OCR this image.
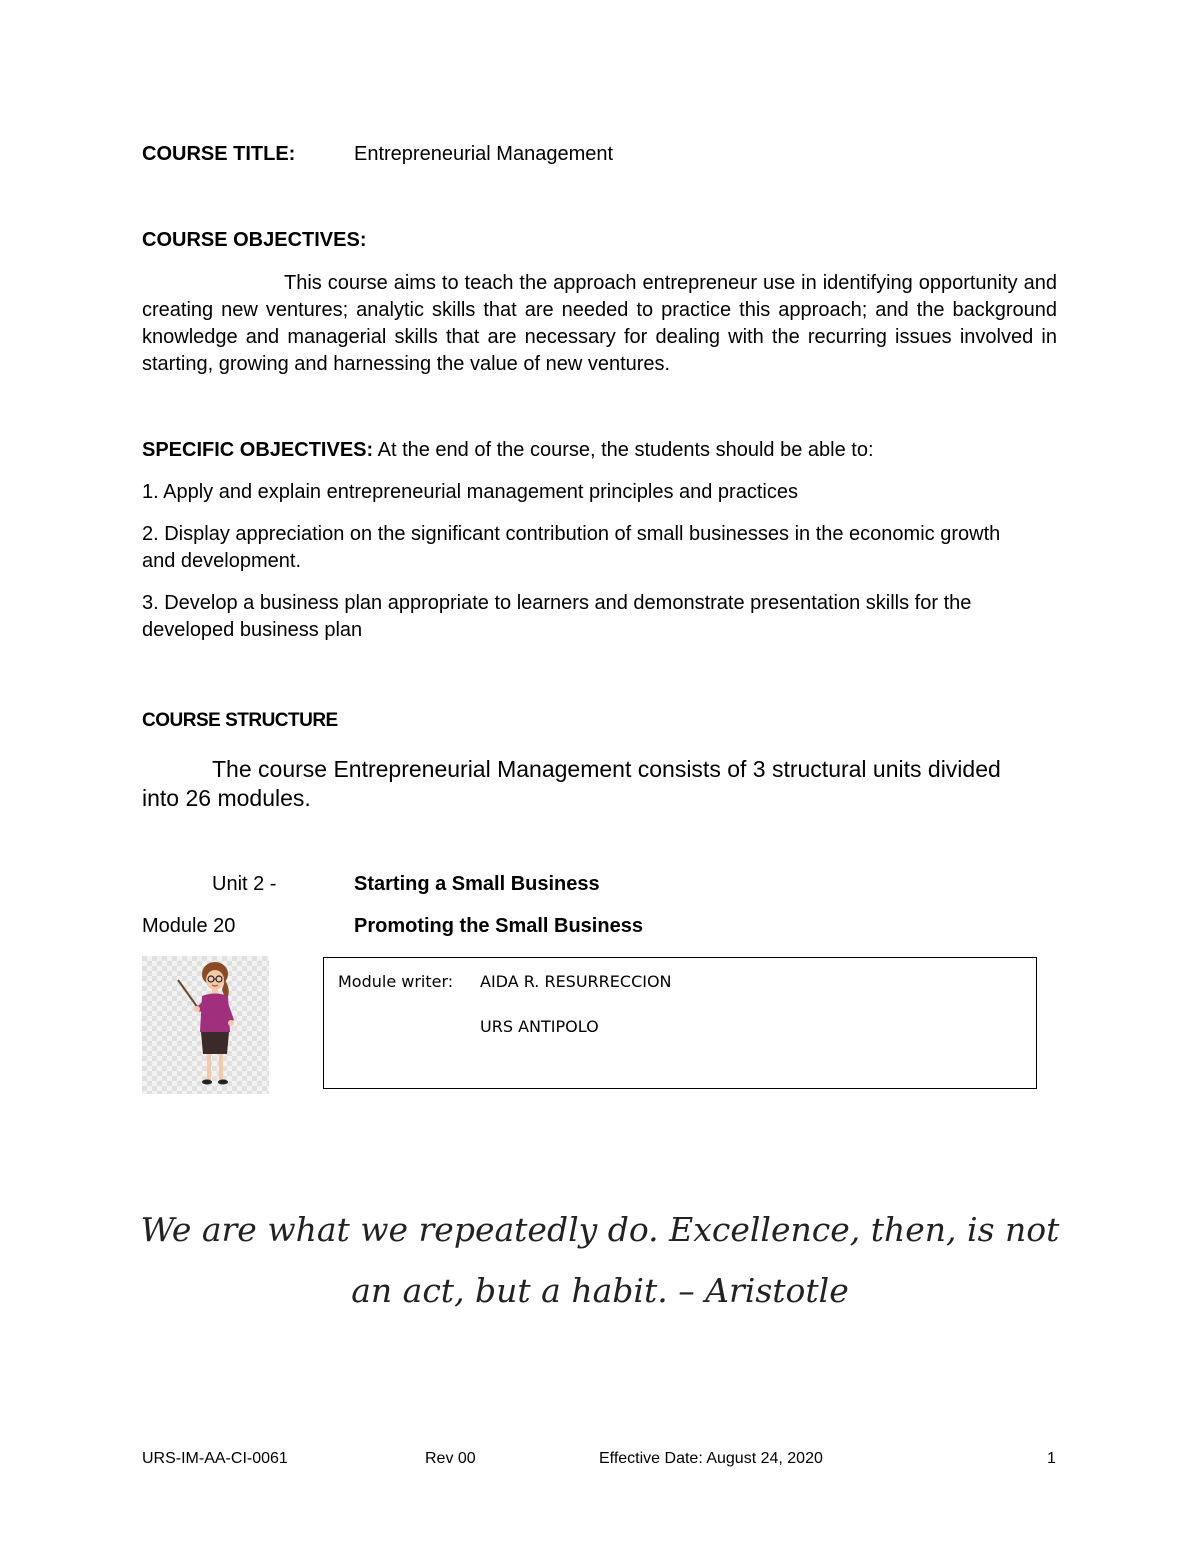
COURSE TITLE:	Entrepreneurial Management
COURSE OBJECTIVES:
This course aims to teach the approach entrepreneur use in identifying opportunity and creating new ventures; analytic skills that are needed to practice this approach; and the background knowledge and managerial skills that are necessary for dealing with the recurring issues involved in starting, growing and harnessing the value of new ventures.
SPECIFIC OBJECTIVES: At the end of the course, the students should be able to:
1. Apply and explain entrepreneurial management principles and practices
2. Display appreciation on the significant contribution of small businesses in the economic growth and development.
3. Develop a business plan appropriate to learners and demonstrate presentation skills for the developed business plan
COURSE STRUCTURE
The course Entrepreneurial Management consists of 3 structural units divided into 26 modules.
Unit 2 -	Starting a Small Business
Module 20	Promoting the Small Business
Module writer: AIDA R. RESURRECCION
URS ANTIPOLO
We are what we repeatedly do. Excellence, then, is not
an act, but a habit. – Aristotle
URS-IM-AA-CI-0061	Rev 00	Effective Date: August 24, 2020	1
